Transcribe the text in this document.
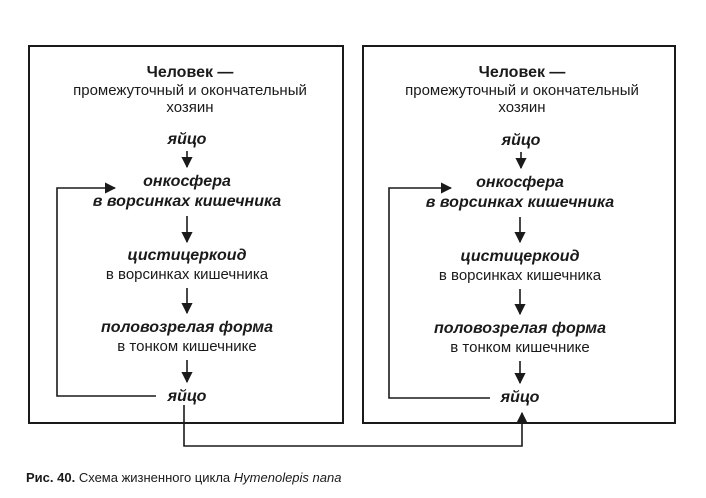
Человек —
промежуточный и окончательный
хозяин
яйцо
онкосфера
в ворсинках кишечника
цистицеркоид
в ворсинках кишечника
половозрелая форма
в тонком кишечнике
яйцо
Человек —
промежуточный и окончательный
хозяин
яйцо
онкосфера
в ворсинках кишечника
цистицеркоид
в ворсинках кишечника
половозрелая форма
в тонком кишечнике
яйцо
Рис. 40. Схема жизненного цикла Hymenolepis nana
